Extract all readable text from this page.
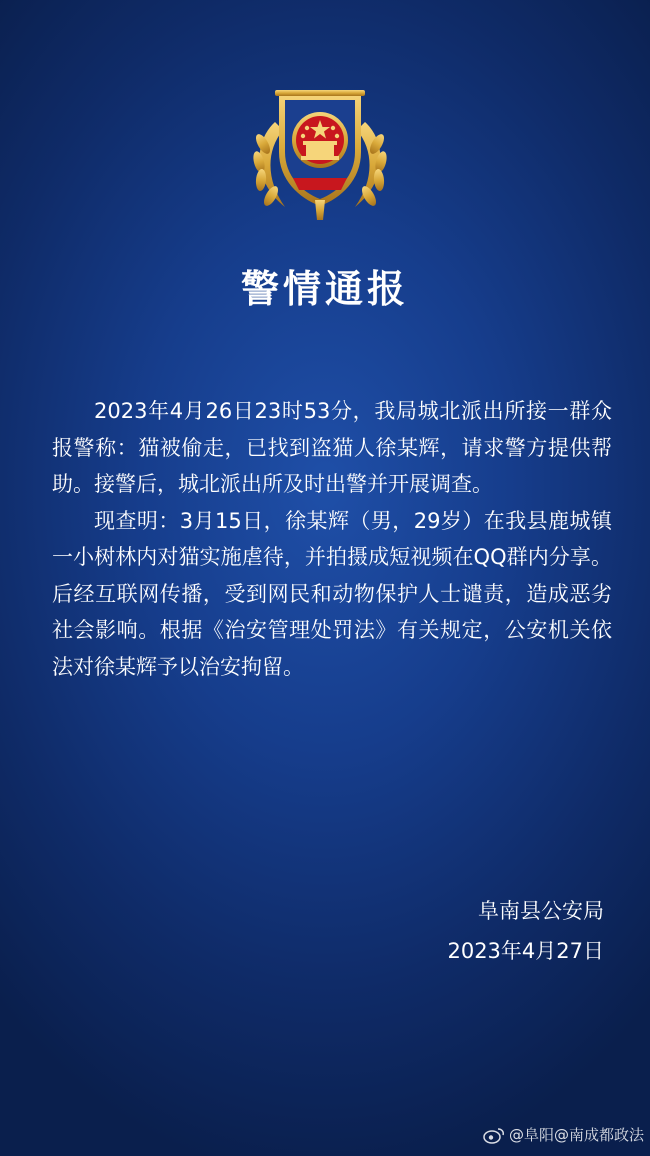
警情通报

2023年4月26日23时53分，我局城北派出所接一群众报警称：猫被偷走，已找到盗猫人徐某辉，请求警方提供帮助。接警后，城北派出所及时出警并开展调查。

现查明：3月15日，徐某辉（男，29岁）在我县鹿城镇一小树林内对猫实施虐待，并拍摄成短视频在QQ群内分享。后经互联网传播，受到网民和动物保护人士谴责，造成恶劣社会影响。根据《治安管理处罚法》有关规定，公安机关依法对徐某辉予以治安拘留。

阜南县公安局
2023年4月27日
@阜阳@南成都政法
